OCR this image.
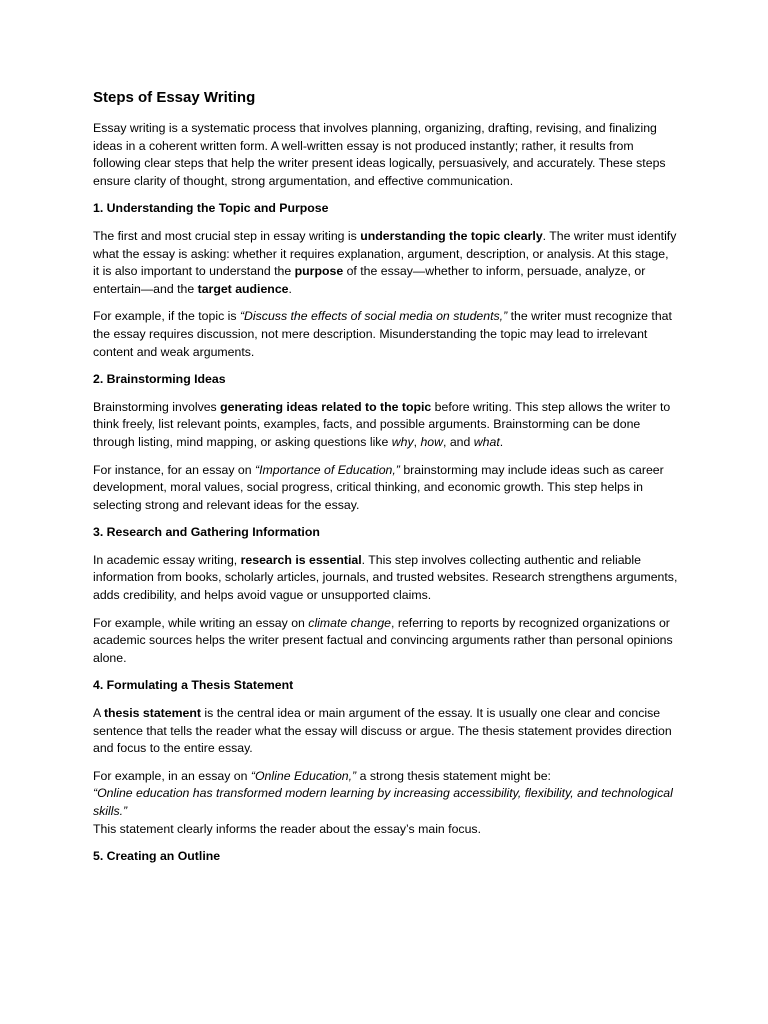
Steps of Essay Writing

Essay writing is a systematic process that involves planning, organizing, drafting, revising, and finalizing ideas in a coherent written form. A well-written essay is not produced instantly; rather, it results from following clear steps that help the writer present ideas logically, persuasively, and accurately. These steps ensure clarity of thought, strong argumentation, and effective communication.

1. Understanding the Topic and Purpose

The first and most crucial step in essay writing is understanding the topic clearly. The writer must identify what the essay is asking: whether it requires explanation, argument, description, or analysis. At this stage, it is also important to understand the purpose of the essay—whether to inform, persuade, analyze, or entertain—and the target audience.

For example, if the topic is “Discuss the effects of social media on students,” the writer must recognize that the essay requires discussion, not mere description. Misunderstanding the topic may lead to irrelevant content and weak arguments.

2. Brainstorming Ideas

Brainstorming involves generating ideas related to the topic before writing. This step allows the writer to think freely, list relevant points, examples, facts, and possible arguments. Brainstorming can be done through listing, mind mapping, or asking questions like why, how, and what.

For instance, for an essay on “Importance of Education,” brainstorming may include ideas such as career development, moral values, social progress, critical thinking, and economic growth. This step helps in selecting strong and relevant ideas for the essay.

3. Research and Gathering Information

In academic essay writing, research is essential. This step involves collecting authentic and reliable information from books, scholarly articles, journals, and trusted websites. Research strengthens arguments, adds credibility, and helps avoid vague or unsupported claims.

For example, while writing an essay on climate change, referring to reports by recognized organizations or academic sources helps the writer present factual and convincing arguments rather than personal opinions alone.

4. Formulating a Thesis Statement

A thesis statement is the central idea or main argument of the essay. It is usually one clear and concise sentence that tells the reader what the essay will discuss or argue. The thesis statement provides direction and focus to the entire essay.

For example, in an essay on “Online Education,” a strong thesis statement might be:
“Online education has transformed modern learning by increasing accessibility, flexibility, and technological skills.”
This statement clearly informs the reader about the essay’s main focus.

5. Creating an Outline
